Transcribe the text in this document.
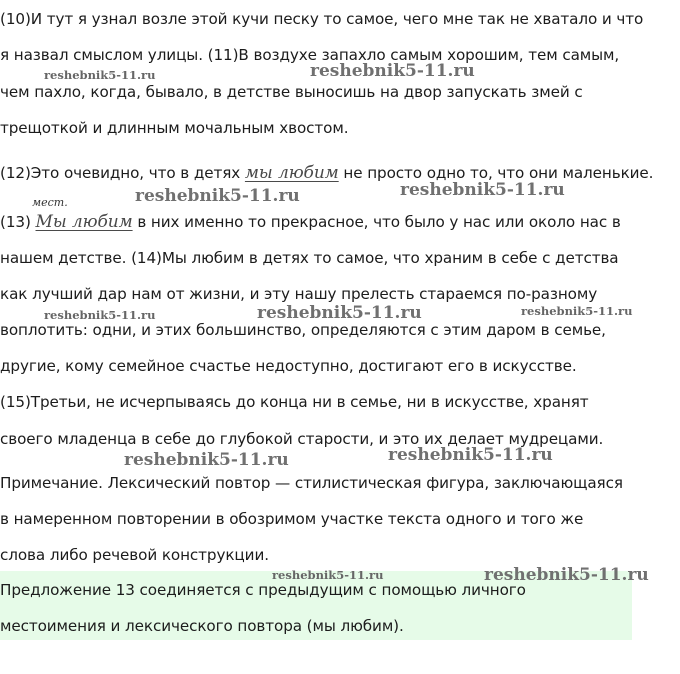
(10)И тут я узнал возле этой кучи песку то самое, чего мне так не хватало и что
я назвал смыслом улицы. (11)В воздухе запахло самым хорошим, тем самым,
чем пахло, когда, бывало, в детстве выносишь на двор запускать змей с
трещоткой и длинным мочальным хвостом.
(12)Это очевидно, что в детях мы любим не просто одно то, что они маленькие.
мест.
(13) Мы любим в них именно то прекрасное, что было у нас или около нас в
нашем детстве. (14)Мы любим в детях то самое, что храним в себе с детства
как лучший дар нам от жизни, и эту нашу прелесть стараемся по-разному
воплотить: одни, и этих большинство, определяются с этим даром в семье,
другие, кому семейное счастье недоступно, достигают его в искусстве.
(15)Третьи, не исчерпываясь до конца ни в семье, ни в искусстве, хранят
своего младенца в себе до глубокой старости, и это их делает мудрецами.
Примечание. Лексический повтор — стилистическая фигура, заключающаяся
в намеренном повторении в обозримом участке текста одного и того же
слова либо речевой конструкции.
Предложение 13 соединяется с предыдущим с помощью личного
местоимения и лексического повтора (мы любим).
reshebnik5-11.ru	reshebnik5-11.ru
reshebnik5-11.ru	reshebnik5-11.ru
reshebnik5-11.ru	reshebnik5-11.ru	reshebnik5-11.ru
reshebnik5-11.ru	reshebnik5-11.ru
reshebnik5-11.ru	reshebnik5-11.ru
